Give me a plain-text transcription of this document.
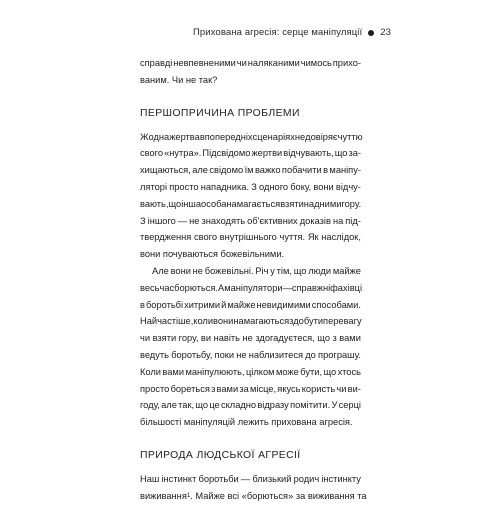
Прихована агресія: серце маніпуляції 23
справді невпевненими чи наляканими чимось прихо-
ваним. Чи не так?
ПЕРШОПРИЧИНА ПРОБЛЕМИ
Жодна жертва в попередніх сценаріях не довіряє чуттю
свого «нутра». Підсвідомо жертви відчувають, що за-
хищаються, але свідомо їм важко побачити в маніпу-
ляторі просто нападника. З одного боку, вони відчу-
вають, що інша особа намагається взяти над ними гору.
З іншого — не знаходять об'єктивних доказів на під-
твердження свого внутрішнього чуття. Як наслідок,
вони почуваються божевільними.
Але вони не божевільні. Річ у тім, що люди майже
весь час борються. А маніпулятори — справжні фахівці
в боротьбі хитрими й майже невидимими способами.
Найчастіше, коли вони намагаються здобути перевагу
чи взяти гору, ви навіть не здогадуєтеся, що з вами
ведуть боротьбу, поки не наблизитеся до програшу.
Коли вами маніпулюють, цілком може бути, що хтось
просто бореться з вами за місце, якусь користь чи ви-
году, але так, що це складно відразу помітити. У серці
більшості маніпуляцій лежить прихована агресія.
ПРИРОДА ЛЮДСЬКОЇ АГРЕСІЇ
Наш інстинкт боротьби — близький родич інстинкту
виживання 1 . Майже всі «борються» за виживання та
